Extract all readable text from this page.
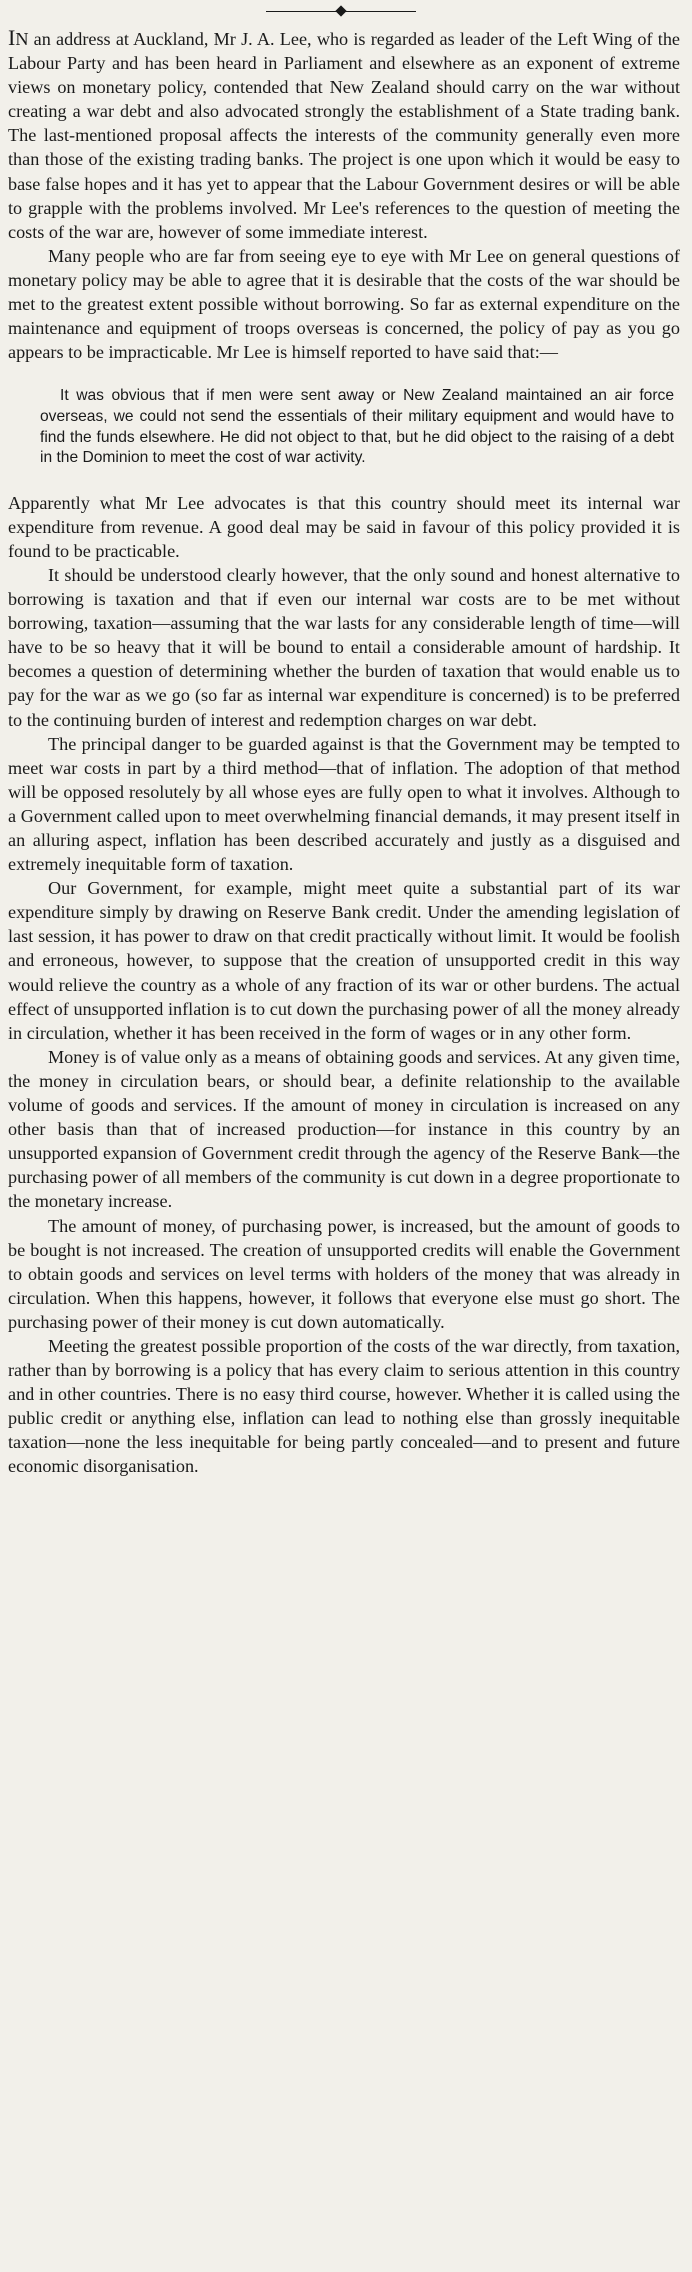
IN an address at Auckland, Mr J. A. Lee, who is regarded as leader of the Left Wing of the Labour Party and has been heard in Parliament and elsewhere as an exponent of extreme views on monetary policy, contended that New Zealand should carry on the war without creating a war debt and also advocated strongly the establishment of a State trading bank. The last-mentioned proposal affects the interests of the community generally even more than those of the existing trading banks. The project is one upon which it would be easy to base false hopes and it has yet to appear that the Labour Government desires or will be able to grapple with the problems involved. Mr Lee's references to the question of meeting the costs of the war are, however of some immediate interest.

Many people who are far from seeing eye to eye with Mr Lee on general questions of monetary policy may be able to agree that it is desirable that the costs of the war should be met to the greatest extent possible without borrowing. So far as external expenditure on the maintenance and equipment of troops overseas is concerned, the policy of pay as you go appears to be impracticable. Mr Lee is himself reported to have said that:—

It was obvious that if men were sent away or New Zealand maintained an air force overseas, we could not send the essentials of their military equipment and would have to find the funds elsewhere. He did not object to that, but he did object to the raising of a debt in the Dominion to meet the cost of war activity.

Apparently what Mr Lee advocates is that this country should meet its internal war expenditure from revenue. A good deal may be said in favour of this policy provided it is found to be practicable.

It should be understood clearly however, that the only sound and honest alternative to borrowing is taxation and that if even our internal war costs are to be met without borrowing, taxation—assuming that the war lasts for any considerable length of time—will have to be so heavy that it will be bound to entail a considerable amount of hardship. It becomes a question of determining whether the burden of taxation that would enable us to pay for the war as we go (so far as internal war expenditure is concerned) is to be preferred to the continuing burden of interest and redemption charges on war debt.

The principal danger to be guarded against is that the Government may be tempted to meet war costs in part by a third method—that of inflation. The adoption of that method will be opposed resolutely by all whose eyes are fully open to what it involves. Although to a Government called upon to meet overwhelming financial demands, it may present itself in an alluring aspect, inflation has been described accurately and justly as a disguised and extremely inequitable form of taxation.

Our Government, for example, might meet quite a substantial part of its war expenditure simply by drawing on Reserve Bank credit. Under the amending legislation of last session, it has power to draw on that credit practically without limit. It would be foolish and erroneous, however, to suppose that the creation of unsupported credit in this way would relieve the country as a whole of any fraction of its war or other burdens. The actual effect of unsupported inflation is to cut down the purchasing power of all the money already in circulation, whether it has been received in the form of wages or in any other form.

Money is of value only as a means of obtaining goods and services. At any given time, the money in circulation bears, or should bear, a definite relationship to the available volume of goods and services. If the amount of money in circulation is increased on any other basis than that of increased production—for instance in this country by an unsupported expansion of Government credit through the agency of the Reserve Bank—the purchasing power of all members of the community is cut down in a degree proportionate to the monetary increase.

The amount of money, of purchasing power, is increased, but the amount of goods to be bought is not increased. The creation of unsupported credits will enable the Government to obtain goods and services on level terms with holders of the money that was already in circulation. When this happens, however, it follows that everyone else must go short. The purchasing power of their money is cut down automatically.

Meeting the greatest possible proportion of the costs of the war directly, from taxation, rather than by borrowing is a policy that has every claim to serious attention in this country and in other countries. There is no easy third course, however. Whether it is called using the public credit or anything else, inflation can lead to nothing else than grossly inequitable taxation—none the less inequitable for being partly concealed—and to present and future economic disorganisation.
